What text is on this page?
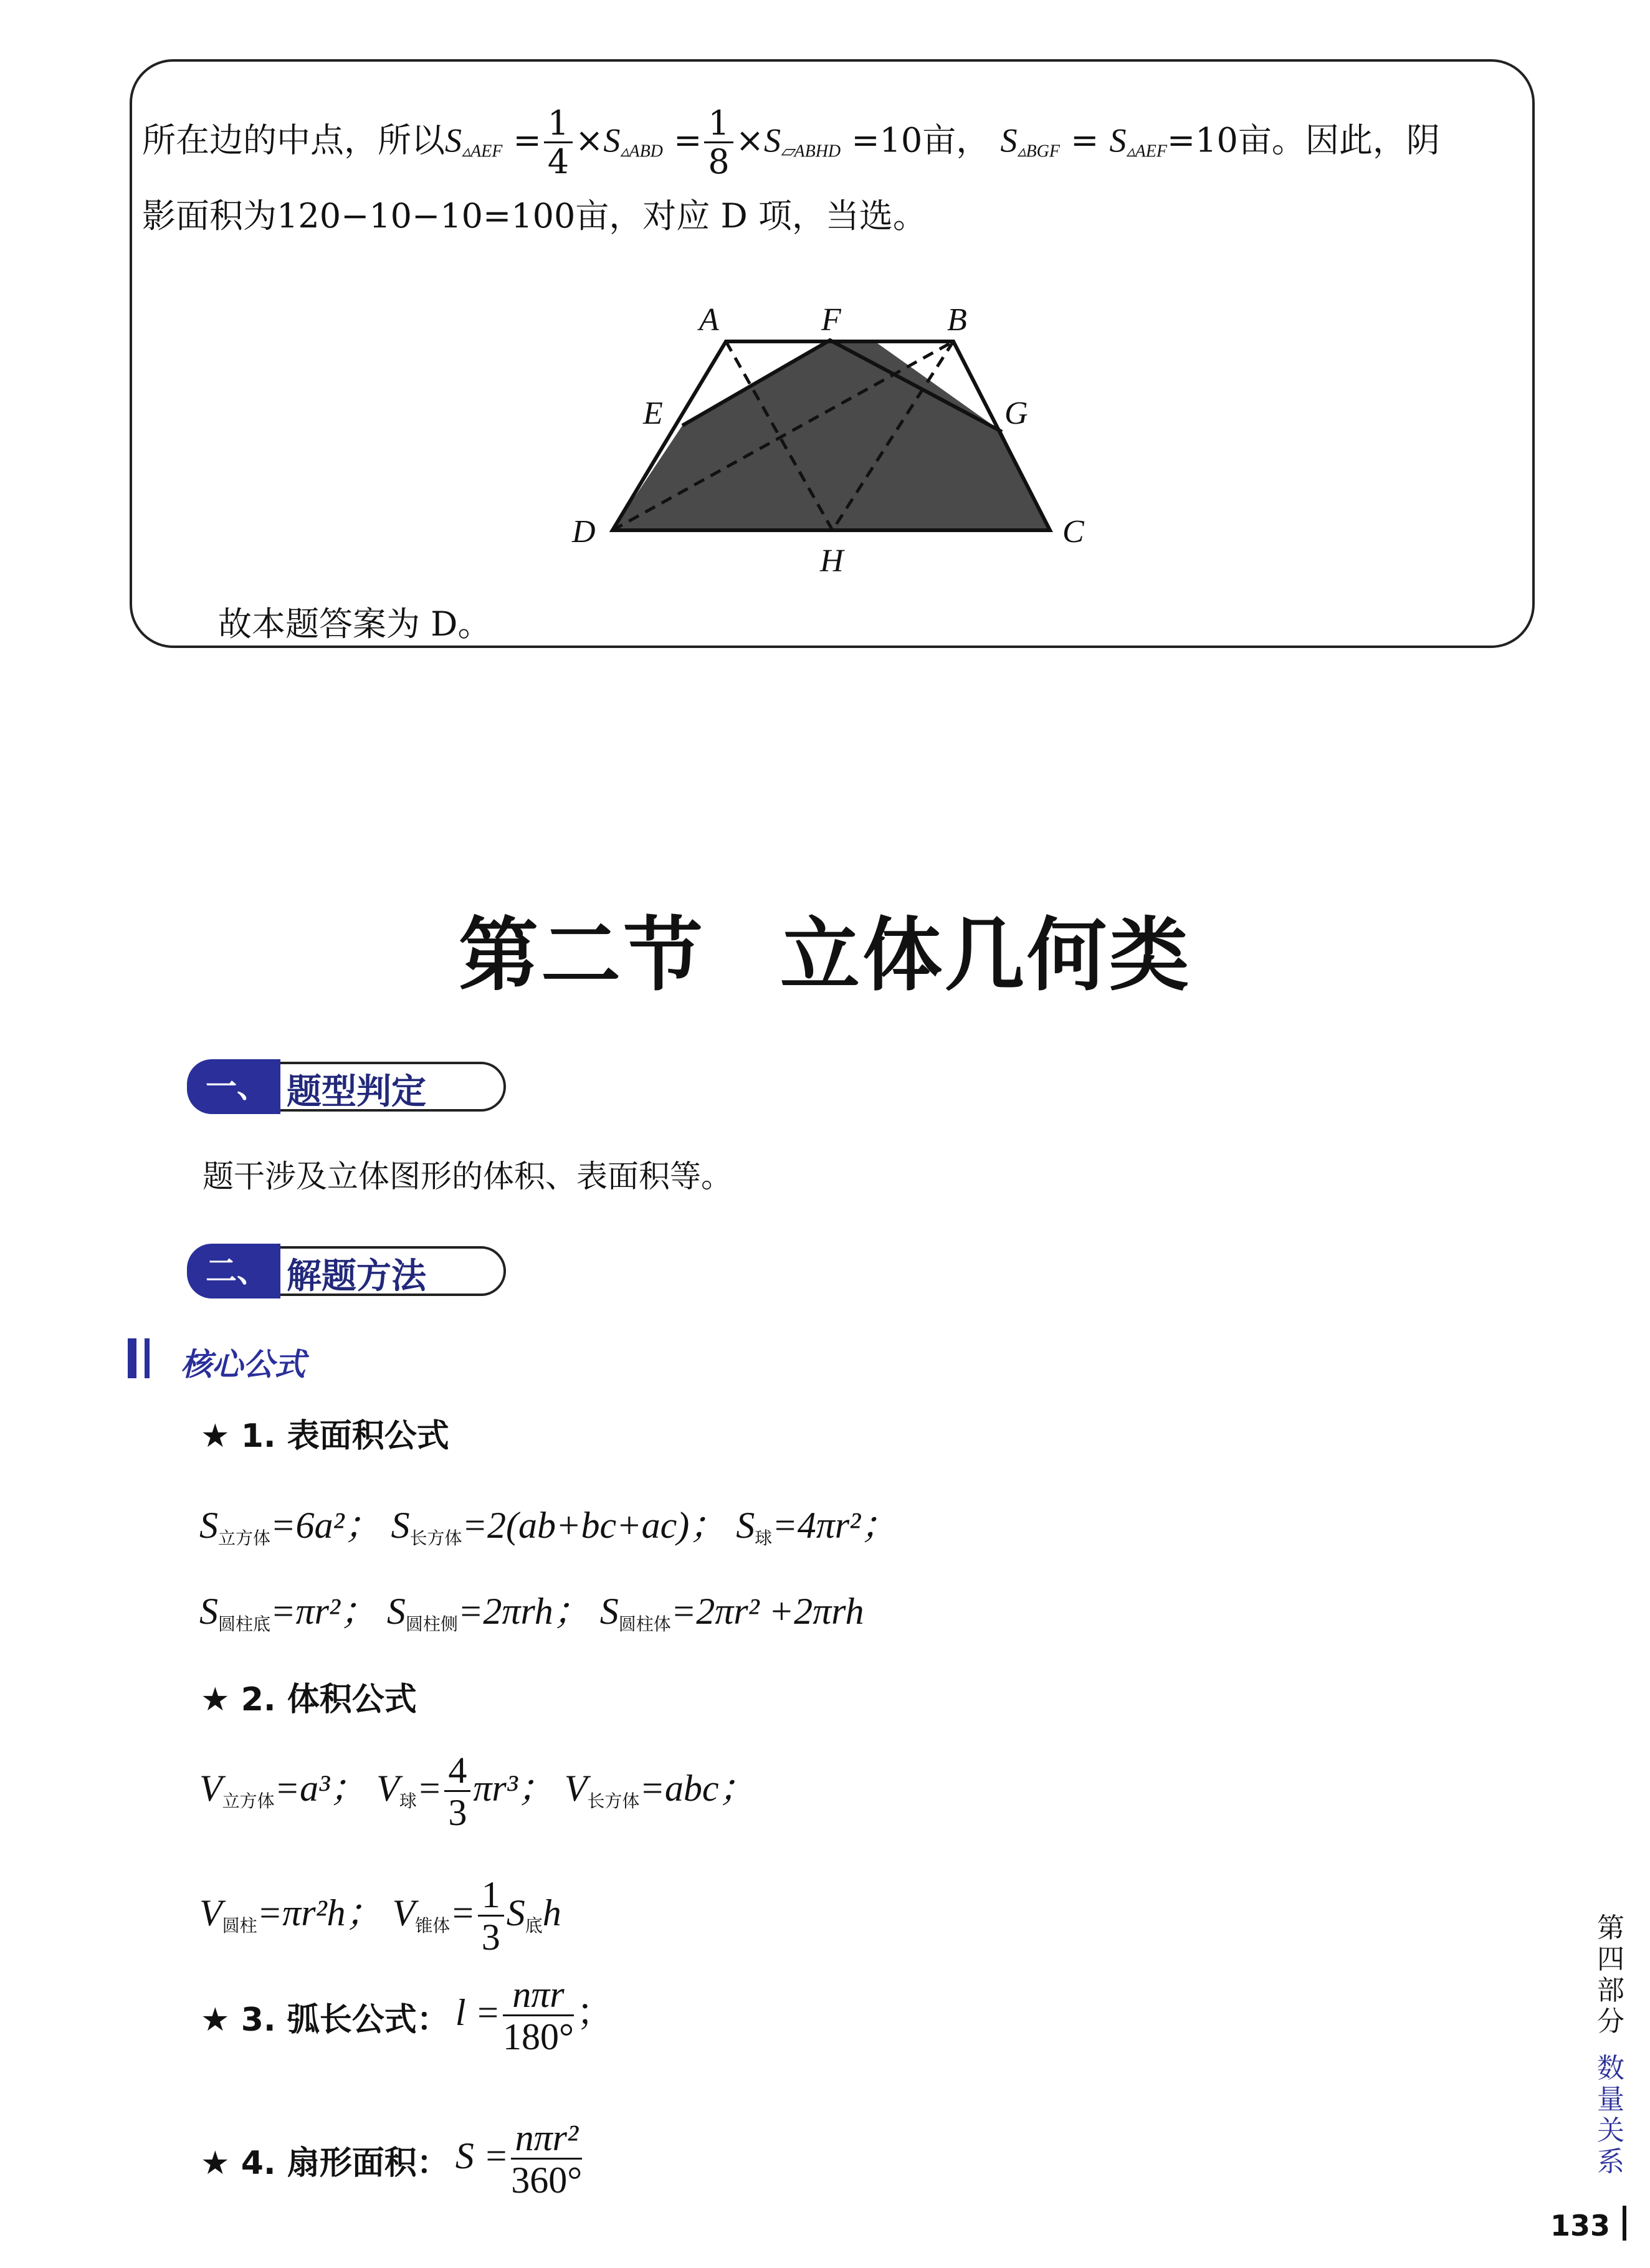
所在边的中点，所以$S_{▵AEF} = \frac{1}{4} \times S_{▵ABD} = \frac{1}{8} \times S_{▱ABHD} =10$亩， $S_{▵BGF} = S_{▵AEF}=10$亩。因此，阴
影面积为120−10−10=100亩，对应 D 项，当选。
A	F	B
E	G
D
H
C
故本题答案为 D。
第二节 立体几何类
一、 题型判定
题干涉及立体图形的体积、表面积等。
二、 解题方法
核心公式
★ 1. 表面积公式
S立方体=6a²； S长方体=2(ab+bc+ac)； S球=4πr²；
S圆柱底=πr²； S圆柱侧=2πrh； S圆柱体=2πr² +2πrh
★ 2. 体积公式
V立方体=a³； V球= $\frac{4}{3} \pi r^3$； V长方体=abc；
V圆柱=πr²h； V锥体= $\frac{1}{3}$ S底h
★ 3. 弧长公式： $l = \frac{\text{nπr}}{180^\circ}$ ；
★ 4. 扇形面积： $S = \frac{\text{nπr²}}{360^\circ}$
第
四
部
分
数
量
关
系
133
